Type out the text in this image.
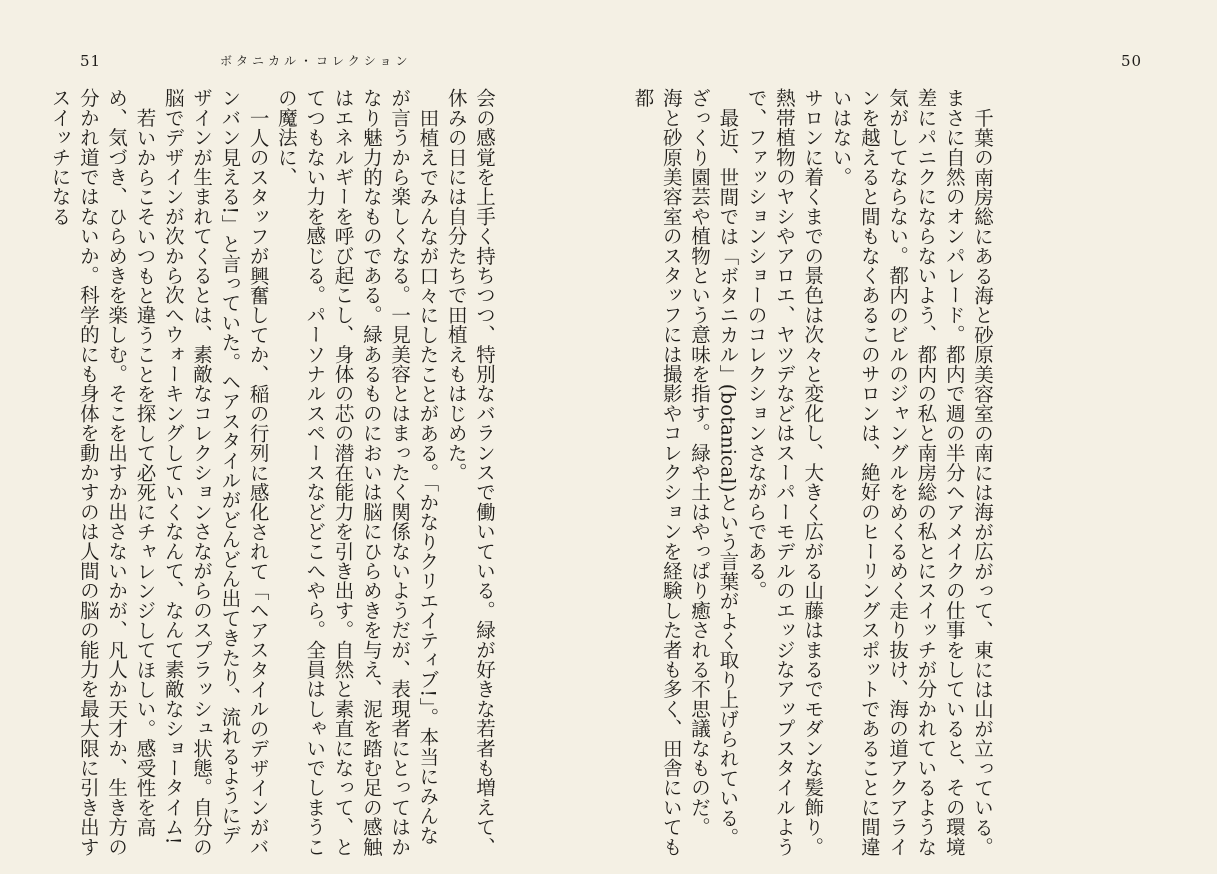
51	ボタニカル・コレクション	50

千葉の南房総にある海と砂原美容室の南には海が広がって、東には山が立っている。まさに自然のオンパレード。都内で週の半分ヘアメイクの仕事をしていると、その環境差にパニクにならないよう、都内の私と南房総の私とにスイッチが分かれているような気がしてならない。都内のビルのジャングルをめくるめく走り抜け、海の道アクアラインを越えると間もなくあるこのサロンは、絶好のヒーリングスポットであることに間違いはない。

サロンに着くまでの景色は次々と変化し、大きく広がる山藤はまるでモダンな髪飾り。熱帯植物のヤシやアロエ、ヤツデなどはスーパーモデルのエッジなアップスタイルようで、ファッションショーのコレクションさながらである。

最近、世間では「ボタニカル」(botanical)という言葉がよく取り上げられている。ざっくり園芸や植物という意味を指す。緑や土はやっぱり癒される不思議なものだ。

海と砂原美容室のスタッフには撮影やコレクションを経験した者も多く、田舎にいても都

会の感覚を上手く持ちつつ、特別なバランスで働いている。緑が好きな若者も増えて、休みの日には自分たちで田植えもはじめた。

田植えでみんなが口々にしたことがある。「かなりクリエイティブ!」。本当にみんなが言うから楽しくなる。一見美容とはまったく関係ないようだが、表現者にとってはかなり魅力的なものである。緑あるものにおいは脳にひらめきを与え、泥を踏む足の感触はエネルギーを呼び起こし、身体の芯の潜在能力を引き出す。自然と素直になって、とてつもない力を感じる。パーソナルスペースなどどこへやら。全員はしゃいでしまうこの魔法に、

一人のスタッフが興奮してか、稲の行列に感化されて「ヘアスタイルのデザインがバンバン見える!」と言っていた。ヘアスタイルがどんどん出てきたり、流れるようにデザインが生まれてくるとは、素敵なコレクションさながらのスプラッシュ状態。自分の脳でデザインが次から次へウォーキングしていくなんて、なんて素敵なショータイム!

若いからこそいつもと違うことを探して必死にチャレンジしてほしい。感受性を高め、気づき、ひらめきを楽しむ。そこを出すか出さないかが、凡人か天才か、生き方の分かれ道ではないか。科学的にも身体を動かすのは人間の脳の能力を最大限に引き出すスイッチになる
